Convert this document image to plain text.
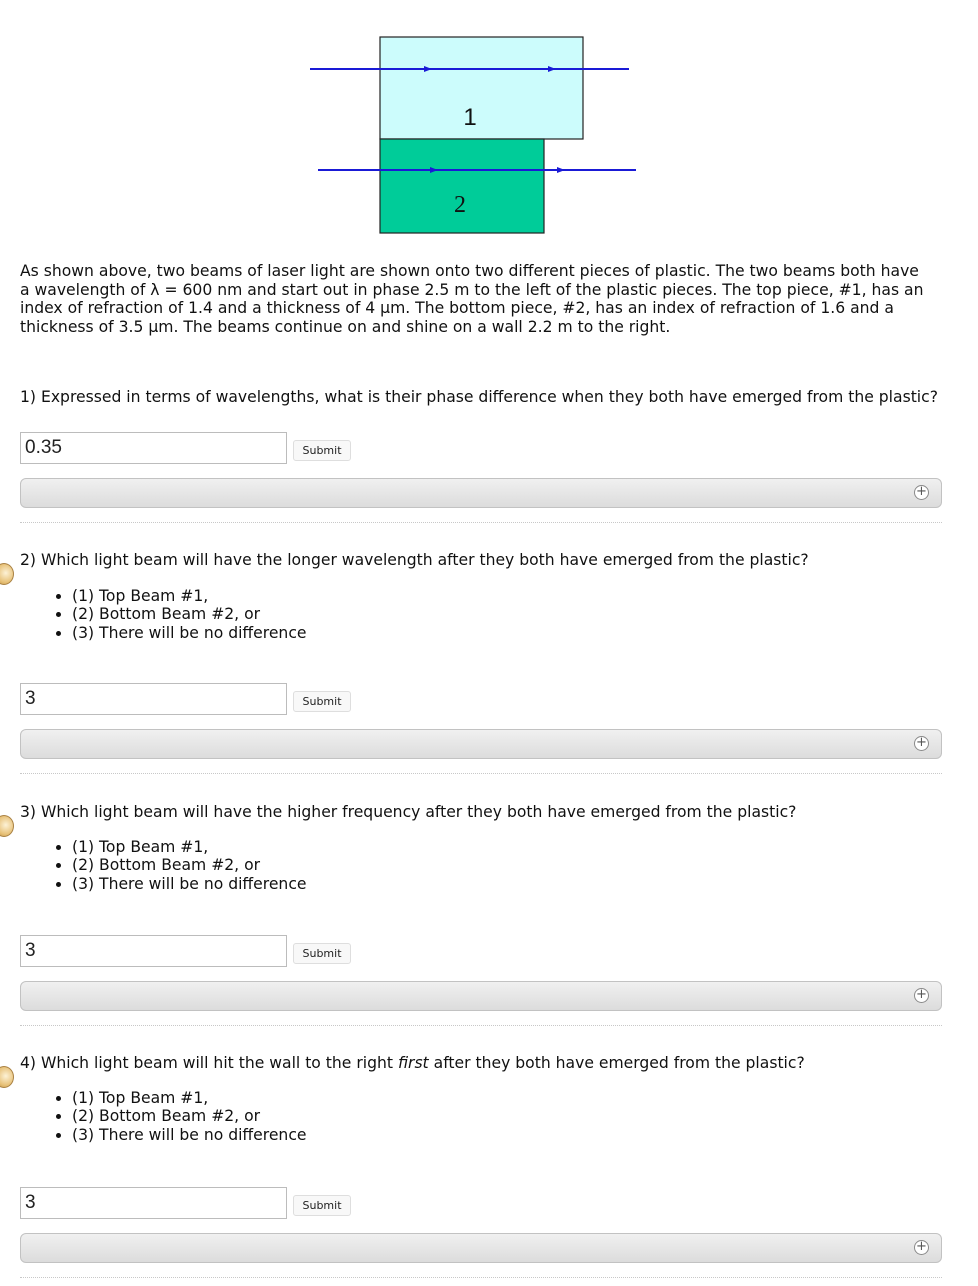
1
2

As shown above, two beams of laser light are shown onto two different pieces of plastic. The two beams both have a wavelength of λ = 600 nm and start out in phase 2.5 m to the left of the plastic pieces. The top piece, #1, has an index of refraction of 1.4 and a thickness of 4 μm. The bottom piece, #2, has an index of refraction of 1.6 and a thickness of 3.5 μm. The beams continue on and shine on a wall 2.2 m to the right.

1) Expressed in terms of wavelengths, what is their phase difference when they both have emerged from the plastic?

0.35	Submit
+

2) Which light beam will have the longer wavelength after they both have emerged from the plastic?

• (1) Top Beam #1,
• (2) Bottom Beam #2, or
• (3) There will be no difference
3	Submit
+

3) Which light beam will have the higher frequency after they both have emerged from the plastic?

• (1) Top Beam #1,
• (2) Bottom Beam #2, or
• (3) There will be no difference
3	Submit
+

4) Which light beam will hit the wall to the right first after they both have emerged from the plastic?

• (1) Top Beam #1,
• (2) Bottom Beam #2, or
• (3) There will be no difference
3	Submit
+
